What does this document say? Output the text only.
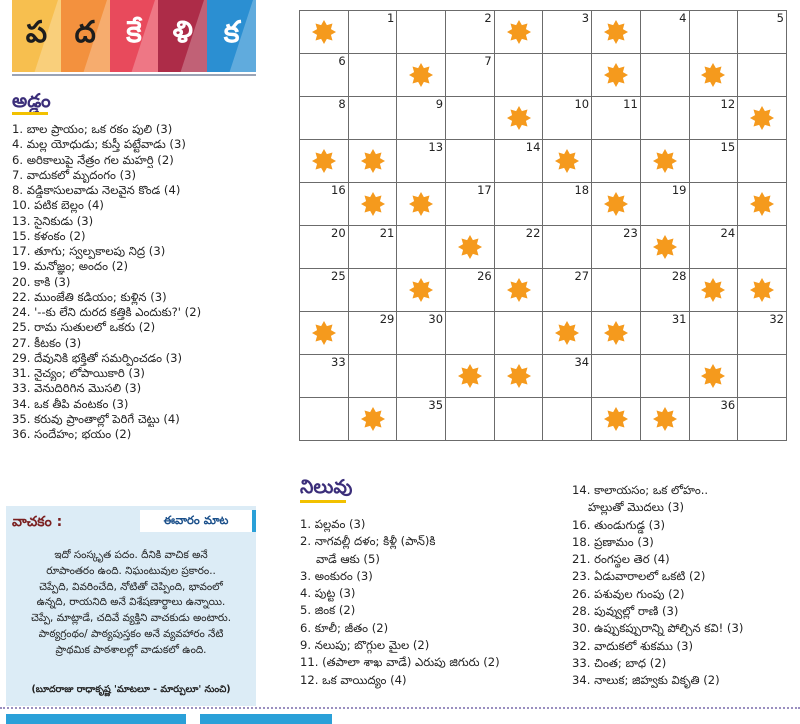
ప ద కే ళి క
అడ్డం
1. బాల ప్రాయం; ఒక రకం పులి (3)
4. మల్ల యోధుడు; కుస్తీ పట్టేవాడు (3)
6. అరికాలుపై నేత్రం గల మహర్షి (2)
7. వాదుకలో మృదంగం (3)
8. వడ్డికాసులవాడు నెలవైన కొండ (4)
10. పటిక బెల్లం (4)
13. సైనికుడు (3)
15. కళంకం (2)
17. తూగు; స్వల్పకాలపు నిద్ర (3)
19. మనోజ్ఞం; అందం (2)
20. కాకి (3)
22. ముంజేతి కడియం; కుళ్లిన (3)
24. '--కు లేని దురద కత్తికి ఎందుకు?' (2)
25. రామ సుతులలో ఒకరు (2)
27. కీటకం (3)
29. దేవునికి భక్తితో సమర్పించడం (3)
31. నైచ్యం; లోపాయికారి (3)
33. వెనుదిరిగిన మొసలి (3)
34. ఒక తీపి వంటకం (3)
35. కరువు ప్రాంతాల్లో పెరిగే చెట్టు (4)
36. సందేహం; భయం (2)

1		2		3		4		5

6			7

8		9			10	11		12

13		14				15	

16			17		18		19

20	21			22		23		24	

25			26		27		28

29	30					31		32

33					34

35						36	

వాచకం :	ఈవారం మాట
ఇదో సంస్కృత పదం. దీనికి వాచిక అనే
రూపాంతరం ఉంది. నిఘంటువుల ప్రకారం..
చెప్పేది, వివరించేది, నోటితో చెప్పింది, భావంలో
ఉన్నది, రాయనిది అనే విశేషణార్థాలు ఉన్నాయి.
చెప్పే, మాట్లాడే, చదివే వ్యక్తిని వాచకుడు అంటారు.
పాఠ్యగ్రంథం/ పాఠ్యపుస్తకం అనే వ్యవహారం నేటి
ప్రాథమిక పాఠశాలల్లో వాడుకలో ఉంది.
(బూదరాజు రాధాకృష్ణ 'మాటలూ - మార్పులూ' నుంచి)
నిలువు
1. పల్లవం (3)
2. నాగవల్లీ దళం; కిళ్లీ (పాన్)కి
వాడే ఆకు (5)
3. అంకురం (3)
4. పుట్ట (3)
5. జింక (2)
6. కూలీ; జీతం (2)
9. నలుపు; బొగ్గుల మైల (2)
11. (తపాలా శాఖ వాడే) ఎరుపు జిగురు (2)
12. ఒక వాయిద్యం (4)
14. కాలాయసం; ఒక లోహం..
హల్లుతో మొదలు (3)
16. తుండుగుడ్డ (3)
18. ప్రణామం (3)
21. రంగస్థల తెర (4)
23. ఏడువారాలలో ఒకటి (2)
26. పశువుల గుంపు (2)
28. పువ్వుల్లో రాణి (3)
30. ఉప్పుకప్పురాన్ని పోల్చిన కవి! (3)
32. వాదుకలో శుకము (3)
33. చింత; బాధ (2)
34. నాలుక; జిహ్వకు వికృతి (2)
